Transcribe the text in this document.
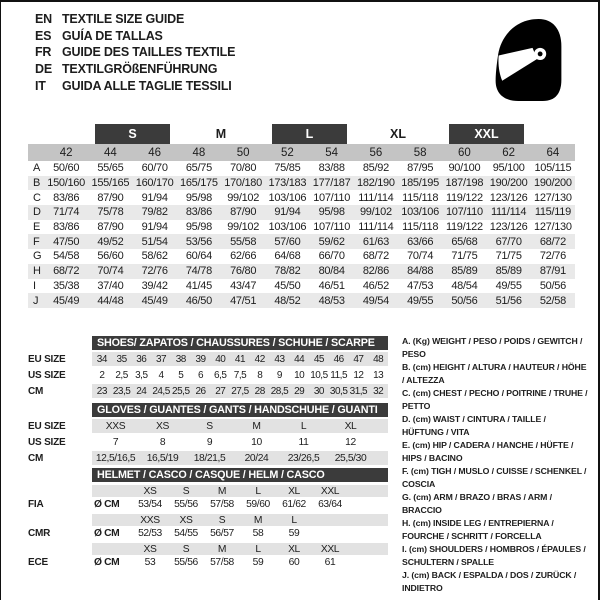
EN TEXTILE SIZE GUIDE
ES GUÍA DE TALLAS
FR GUIDE DES TAILLES TEXTILE
DE TEXTILGRÖßENFÜHRUNG
IT	GUIDA ALLE TAGLIE TESSILI
S	M	L	XL	XXL
42	44	46	48	50	52	54	56	58	60	62	64
A	50/60	55/65	60/70	65/75	70/80	75/85	83/88	85/92	87/95	90/100	95/100 105/115
B 150/160 155/165 160/170 165/175 170/180 173/183 177/187 182/190 185/195 187/198 190/200 190/200
C	83/86	87/90	91/94	95/98	99/102 103/106 107/110 111/114 115/118 119/122 123/126 127/130
D	71/74	75/78	79/82	83/86	87/90	91/94	95/98	99/102 103/106 107/110 111/114 115/119
E	83/86	87/90	91/94	95/98	99/102 103/106 107/110 111/114 115/118 119/122 123/126 127/130
F	47/50	49/52	51/54	53/56	55/58	57/60	59/62	61/63	63/66	65/68	67/70	68/72
G	54/58	56/60	58/62	60/64	62/66	64/68	66/70	68/72	70/74	71/75	71/75	72/76
H	68/72	70/74	72/76	74/78	76/80	78/82	80/84	82/86	84/88	85/89	85/89	87/91
I	35/38	37/40	39/42	41/45	43/47	45/50	46/51	46/52	47/53	48/54	49/55	50/56
J	45/49	44/48	45/49	46/50	47/51	48/52	48/53	49/54	49/55	50/56	51/56	52/58
SHOES/ ZAPATOS / CHAUSSURES / SCHUHE / SCARPE
EU SIZE	34 35 36 37 38 39 40 41 42 43 44 45 46 47 48
US SIZE	2	2,5 3,5	4	5	6	6,5 7,5	8	9	10 10,5 11,5 12 13
CM	23 23,5 24 24,5 25,5 26 27 27,5 28 28,5 29 30 30,5 31,5 32
GLOVES / GUANTES / GANTS / HANDSCHUHE / GUANTI
EU SIZE	XXS	XS	S	M	L	XL
US SIZE	7	8	9	10	11	12
CM	12,5/16,5	16,5/19	18/21,5	20/24	23/26,5	25,5/30
HELMET / CASCO / CASQUE / HELM / CASCO
XS	S	M	L	XL	XXL
FIA	Ø CM	53/54	55/56	57/58	59/60	61/62	63/64
XXS	XS	S	M	L
CMR	Ø CM	52/53	54/55	56/57	58	59
XS	S	M	L	XL	XXL
ECE	Ø CM	53	55/56	57/58	59	60	61
A. (Kg) WEIGHT / PESO / POIDS / GEWITCH / PESO
B. (cm) HEIGHT / ALTURA / HAUTEUR / HÖHE / ALTEZZA
C. (cm) CHEST / PECHO / POITRINE / TRUHE / PETTO
D. (cm) WAIST / CINTURA / TAILLE / HÜFTUNG / VITA
E. (cm) HIP / CADERA / HANCHE / HÜFTE / HIPS / BACINO
F. (cm) TIGH / MUSLO / CUISSE / SCHENKEL / COSCIA
G. (cm) ARM / BRAZO / BRAS / ARM / BRACCIO
H. (cm) INSIDE LEG / ENTREPIERNA / FOURCHE / SCHRITT / FORCELLA
I. (cm) SHOULDERS / HOMBROS / ÉPAULES / SCHULTERN / SPALLE
J. (cm) BACK / ESPALDA / DOS / ZURÜCK / INDIETRO
